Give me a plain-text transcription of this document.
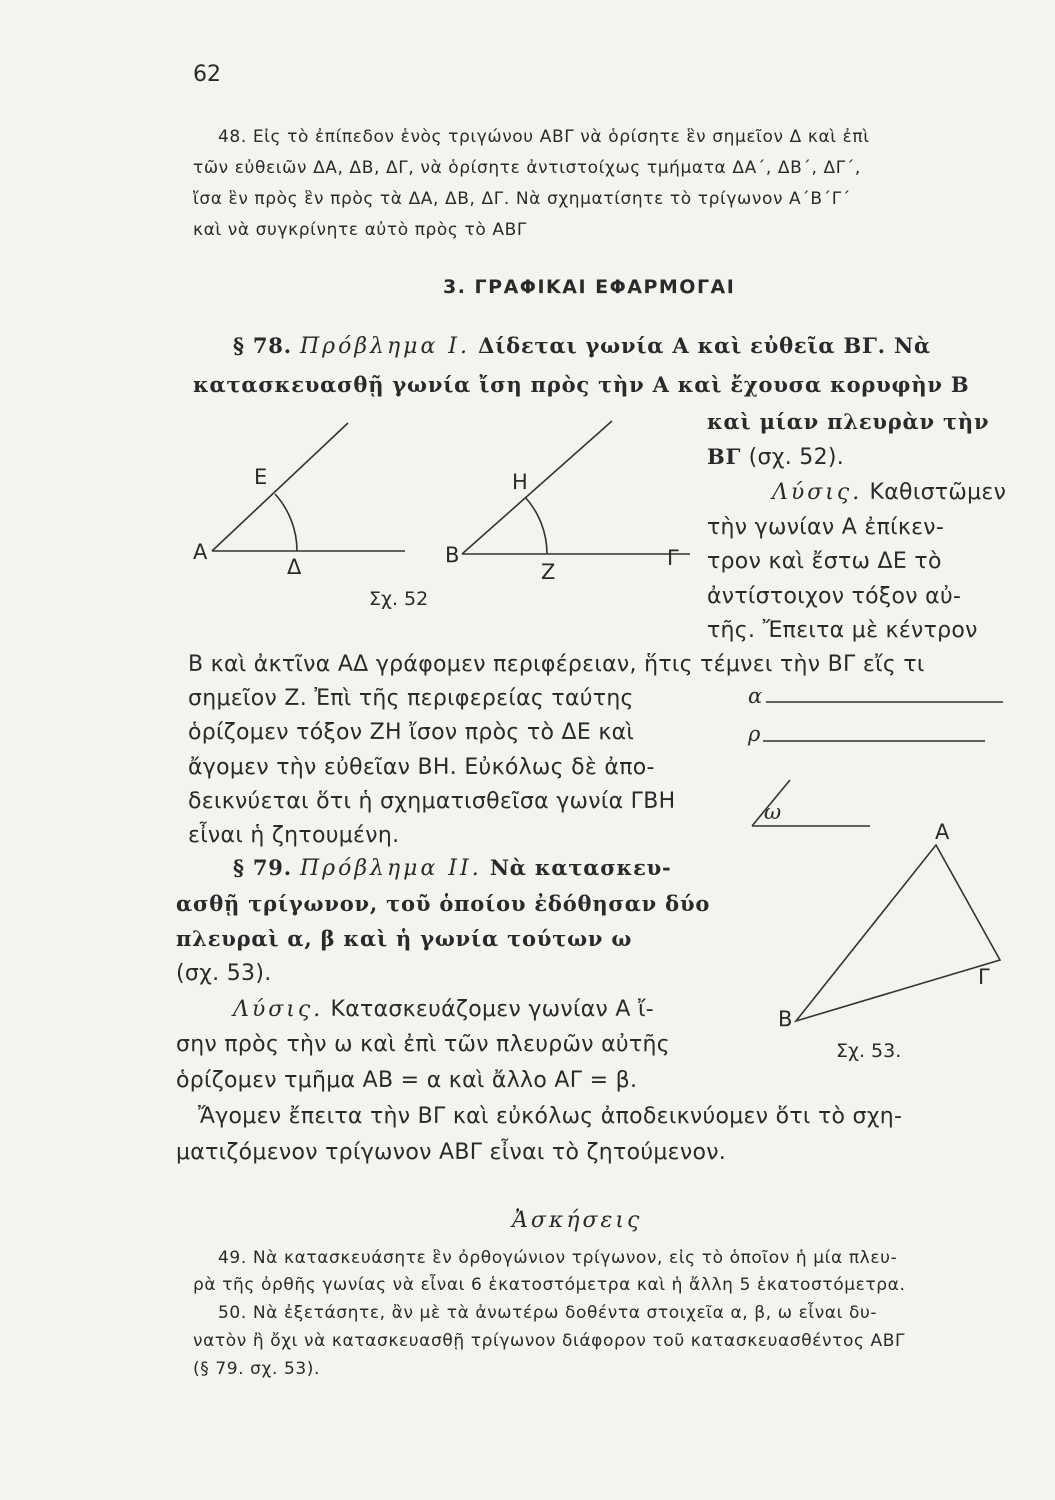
62
48. Εἰς τὸ ἐπίπεδον ἑνὸς τριγώνου ΑΒΓ νὰ ὁρίσητε ἓν σημεῖον Δ καὶ ἐπὶ
τῶν εὐθειῶν ΔΑ, ΔΒ, ΔΓ, νὰ ὁρίσητε ἀντιστοίχως τμήματα ΔΑ΄, ΔΒ΄, ΔΓ΄,
ἴσα ἓν πρὸς ἓν πρὸς τὰ ΔΑ, ΔΒ, ΔΓ. Νὰ σχηματίσητε τὸ τρίγωνον Α΄Β΄Γ΄
καὶ νὰ συγκρίνητε αὐτὸ πρὸς τὸ ΑΒΓ
3. ΓΡΑΦΙΚΑΙ ΕΦΑΡΜΟΓΑΙ
§ 78. Πρόβλημα Ι. Δίδεται γωνία Α καὶ εὐθεῖα ΒΓ. Νὰ
κατασκευασθῇ γωνία ἴση πρὸς τὴν Α καὶ ἔχουσα κορυφὴν Β
καὶ μίαν πλευρὰν τὴν
ΒΓ (σχ. 52).
Λύσις. Καθιστῶμεν
τὴν γωνίαν Α ἐπίκεν-
τρον καὶ ἔστω ΔΕ τὸ
ἀντίστοιχον τόξον αὐ-
τῆς. Ἔπειτα μὲ κέντρον
Β καὶ ἀκτῖνα ΑΔ γράφομεν περιφέρειαν, ἥτις τέμνει τὴν ΒΓ εἴς τι
σημεῖον Ζ. Ἐπὶ τῆς περιφερείας ταύτης
ὁρίζομεν τόξον ΖΗ ἴσον πρὸς τὸ ΔΕ καὶ
ἄγομεν τὴν εὐθεῖαν ΒΗ. Εὐκόλως δὲ ἀπο-
δεικνύεται ὅτι ἡ σχηματισθεῖσα γωνία ΓΒΗ
εἶναι ἡ ζητουμένη.
Ε
Α
Δ
Η
Β	Γ
Ζ
Σχ. 52
§ 79. Πρόβλημα ΙΙ. Νὰ κατασκευ-
ασθῇ τρίγωνον, τοῦ ὁποίου ἐδόθησαν δύο
πλευραὶ α, β καὶ ἡ γωνία τούτων ω
(σχ. 53).
Λύσις. Κατασκευάζομεν γωνίαν Α ἴ-
σην πρὸς τὴν ω καὶ ἐπὶ τῶν πλευρῶν αὐτῆς
ὁρίζομεν τμῆμα ΑΒ = α καὶ ἄλλο ΑΓ = β.
Ἄγομεν ἔπειτα τὴν ΒΓ καὶ εὐκόλως ἀποδεικνύομεν ὅτι τὸ σχη-
ματιζόμενον τρίγωνον ΑΒΓ εἶναι τὸ ζητούμενον.
α
ρ
ω
Α
Γ
Β
Σχ. 53.
Ἀσκήσεις
49. Νὰ κατασκευάσητε ἓν ὀρθογώνιον τρίγωνον, εἰς τὸ ὁποῖον ἡ μία πλευ-
ρὰ τῆς ὀρθῆς γωνίας νὰ εἶναι 6 ἑκατοστόμετρα καὶ ἡ ἄλλη 5 ἑκατοστόμετρα.
50. Νὰ ἐξετάσητε, ἂν μὲ τὰ ἀνωτέρω δοθέντα στοιχεῖα α, β, ω εἶναι δυ-
νατὸν ἢ ὄχι νὰ κατασκευασθῇ τρίγωνον διάφορον τοῦ κατασκευασθέντος ΑΒΓ
(§ 79. σχ. 53).
